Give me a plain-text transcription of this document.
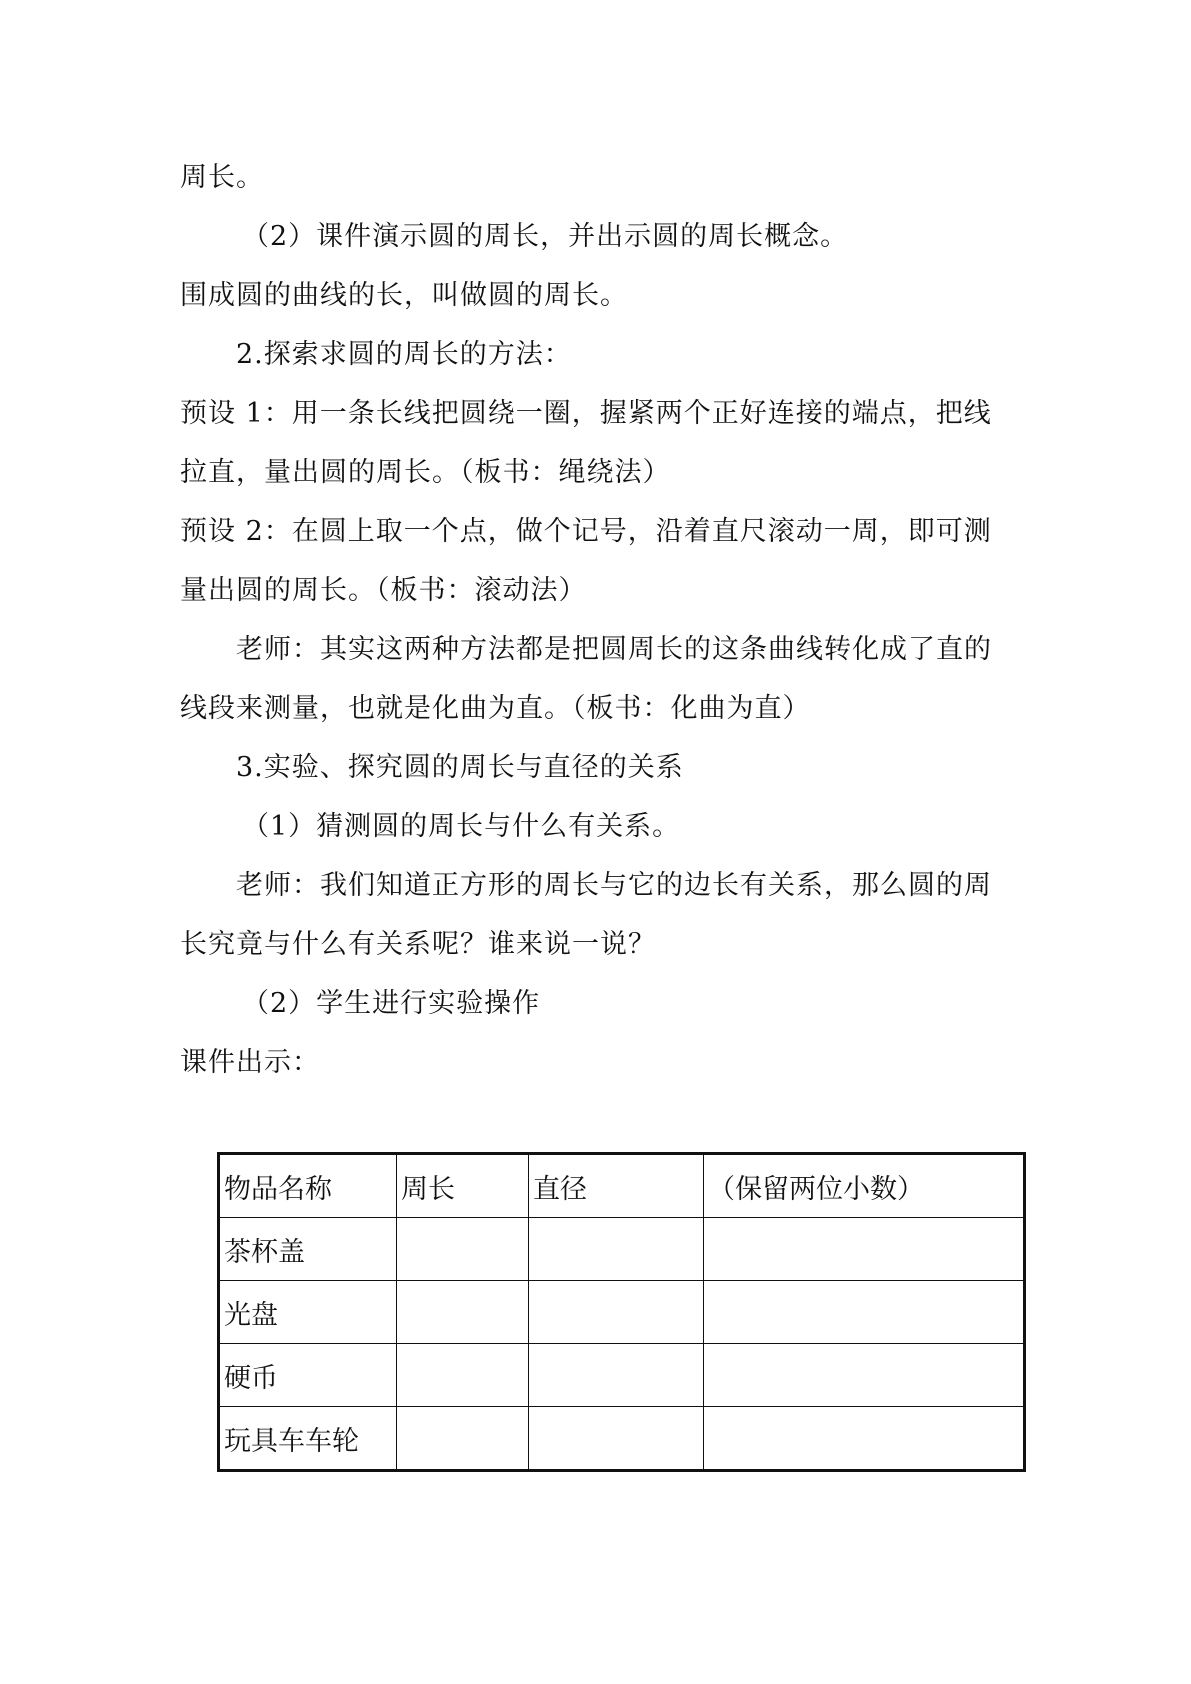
周长。
（2）课件演示圆的周长，并出示圆的周长概念。
围成圆的曲线的长，叫做圆的周长。
2.探索求圆的周长的方法：
预设 1：用一条长线把圆绕一圈，握紧两个正好连接的端点，把线
拉直，量出圆的周长。（板书：绳绕法）
预设 2：在圆上取一个点，做个记号，沿着直尺滚动一周，即可测
量出圆的周长。（板书：滚动法）
老师：其实这两种方法都是把圆周长的这条曲线转化成了直的
线段来测量，也就是化曲为直。（板书：化曲为直）
3.实验、探究圆的周长与直径的关系
（1）猜测圆的周长与什么有关系。
老师：我们知道正方形的周长与它的边长有关系，那么圆的周
长究竟与什么有关系呢？谁来说一说？
（2）学生进行实验操作
课件出示：
物品名称	周长	直径	（保留两位小数）
茶杯盖			
光盘			
硬币			
玩具车车轮			
